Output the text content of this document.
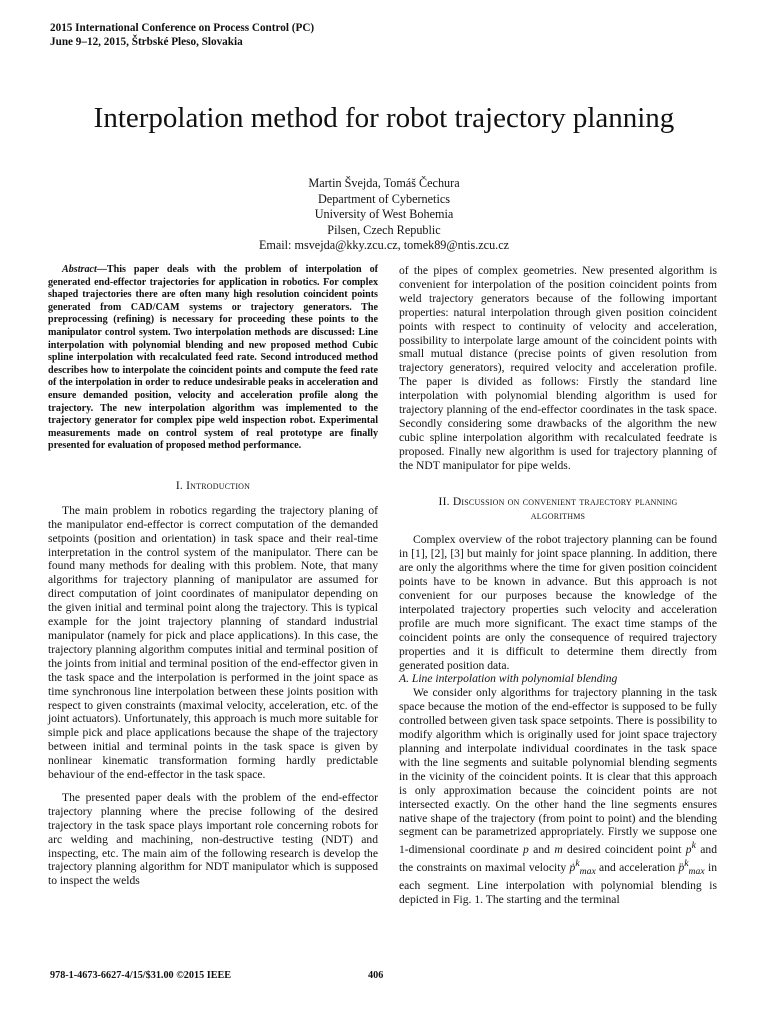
2015 International Conference on Process Control (PC)
June 9–12, 2015, Štrbské Pleso, Slovakia
Interpolation method for robot trajectory planning
Martin Švejda, Tomáš Čechura
Department of Cybernetics
University of West Bohemia
Pilsen, Czech Republic
Email: msvejda@kky.zcu.cz, tomek89@ntis.zcu.cz

Abstract—This paper deals with the problem of interpolation of generated end-effector trajectories for application in robotics. For complex shaped trajectories there are often many high resolution coincident points generated from CAD/CAM systems or trajectory generators. The preprocessing (refining) is necessary for proceeding these points to the manipulator control system. Two interpolation methods are discussed: Line interpolation with polynomial blending and new proposed method Cubic spline interpolation with recalculated feed rate. Second introduced method describes how to interpolate the coincident points and compute the feed rate of the interpolation in order to reduce undesirable peaks in acceleration and ensure demanded position, velocity and acceleration profile along the trajectory. The new interpolation algorithm was implemented to the trajectory generator for complex pipe weld inspection robot. Experimental measurements made on control system of real prototype are finally presented for evaluation of proposed method performance.

I. Introduction

The main problem in robotics regarding the trajectory planing of the manipulator end-effector is correct computation of the demanded setpoints (position and orientation) in task space and their real-time interpretation in the control system of the manipulator. There can be found many methods for dealing with this problem. Note, that many algorithms for trajectory planning of manipulator are assumed for direct computation of joint coordinates of manipulator depending on the given initial and terminal point along the trajectory. This is typical example for the joint trajectory planning of standard industrial manipulator (namely for pick and place applications). In this case, the trajectory planning algorithm computes initial and terminal position of the joints from initial and terminal position of the end-effector given in the task space and the interpolation is performed in the joint space as time synchronous line interpolation between these joints position with respect to given constraints (maximal velocity, acceleration, etc. of the joint actuators). Unfortunately, this approach is much more suitable for simple pick and place applications because the shape of the trajectory between initial and terminal points in the task space is given by nonlinear kinematic transformation forming hardly predictable behaviour of the end-effector in the task space.

The presented paper deals with the problem of the end-effector trajectory planning where the precise following of the desired trajectory in the task space plays important role concerning robots for arc welding and machining, non-destructive testing (NDT) and inspecting, etc. The main aim of the following research is develop the trajectory planning algorithm for NDT manipulator which is supposed to inspect the welds

of the pipes of complex geometries. New presented algorithm is convenient for interpolation of the position coincident points from weld trajectory generators because of the following important properties: natural interpolation through given position coincident points with respect to continuity of velocity and acceleration, possibility to interpolate large amount of the coincident points with small mutual distance (precise points of given resolution from trajectory generators), required velocity and acceleration profile. The paper is divided as follows: Firstly the standard line interpolation with polynomial blending algorithm is used for trajectory planning of the end-effector coordinates in the task space. Secondly considering some drawbacks of the algorithm the new cubic spline interpolation algorithm with recalculated feedrate is proposed. Finally new algorithm is used for trajectory planning of the NDT manipulator for pipe welds.

II. Discussion on convenient trajectory planning
algorithms

Complex overview of the robot trajectory planning can be found in [1], [2], [3] but mainly for joint space planning. In addition, there are only the algorithms where the time for given position coincident points have to be known in advance. But this approach is not convenient for our purposes because the knowledge of the interpolated trajectory properties such velocity and acceleration profile are much more significant. The exact time stamps of the coincident points are only the consequence of required trajectory properties and it is difficult to determine them directly from generated position data.

A. Line interpolation with polynomial blending

We consider only algorithms for trajectory planning in the task space because the motion of the end-effector is supposed to be fully controlled between given task space setpoints. There is possibility to modify algorithm which is originally used for joint space trajectory planning and interpolate individual coordinates in the task space with the line segments and suitable polynomial blending segments in the vicinity of the coincident points. It is clear that this approach is only approximation because the coincident points are not intersected exactly. On the other hand the line segments ensures native shape of the trajectory (from point to point) and the blending segment can be parametrized appropriately. Firstly we suppose one 1-dimensional coordinate p and m desired coincident point $p^k$ and the constraints on maximal velocity ṗ$^k_{max}$ and acceleration p̈$^k_{max}$ in each segment. Line interpolation with polynomial blending is depicted in Fig. 1. The starting and the terminal

978-1-4673-6627-4/15/$31.00 ©2015 IEEE	406
